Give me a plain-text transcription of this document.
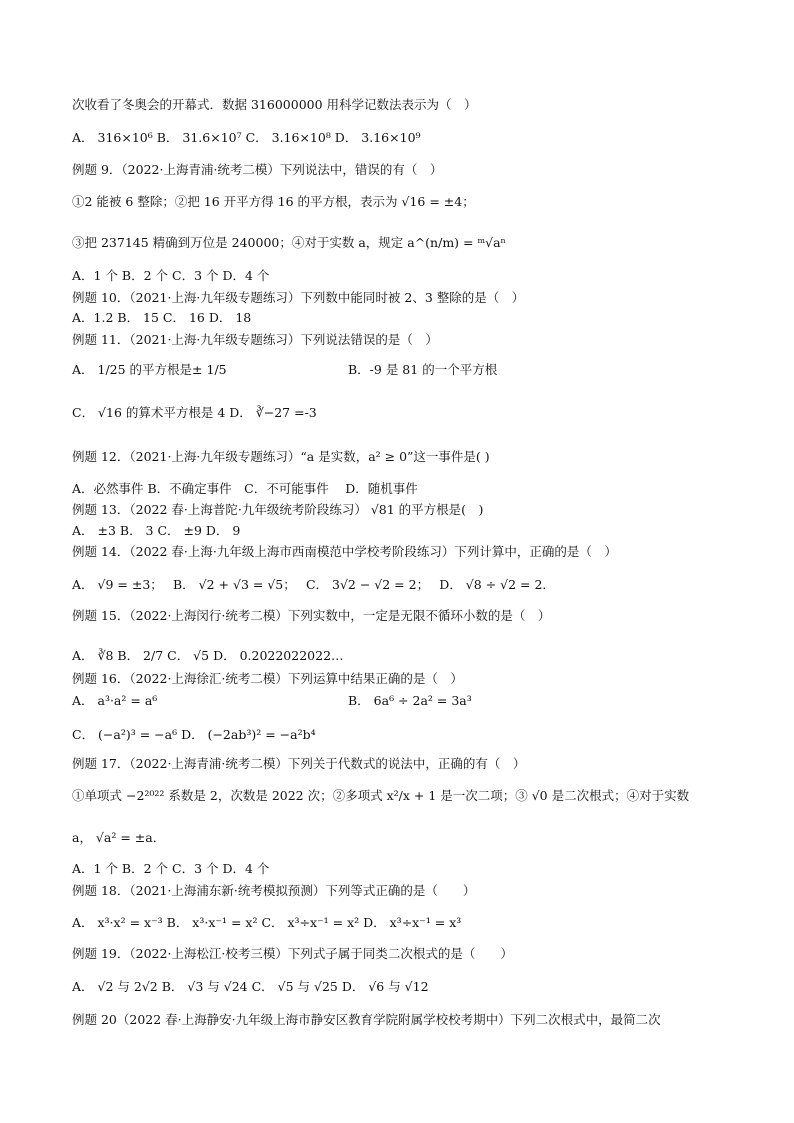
次收看了冬奥会的开幕式．数据 316000000 用科学记数法表示为（　）
A． 316×10⁶ B． 31.6×10⁷ C． 3.16×10⁸ D． 3.16×10⁹
例题 9．（2022·上海青浦·统考二模）下列说法中，错误的有（　）
①2 能被 6 整除；②把 16 开平方得 16 的平方根，表示为 √16 = ±4；
③把 237145 精确到万位是 240000；④对于实数 a，规定 a^(n/m) = ᵐ√aⁿ
A．1 个 B．2 个 C．3 个 D．4 个
例题 10．（2021·上海·九年级专题练习）下列数中能同时被 2、3 整除的是（　）
A．1.2 B． 15 C． 16 D． 18
例题 11．（2021·上海·九年级专题练习）下列说法错误的是（　）
A． 1/25 的平方根是± 1/5	B．-9 是 81 的一个平方根
C． √16 的算术平方根是 4 D． ∛−27 =-3
例题 12．（2021·上海·九年级专题练习）“a 是实数，a² ≥ 0”这一事件是( )
A．必然事件 B．不确定事件　C．不可能事件　 D．随机事件
例题 13．（2022 春·上海普陀·九年级统考阶段练习） √81 的平方根是(　)
A． ±3 B． 3 C． ±9 D． 9
例题 14．（2022 春·上海·九年级上海市西南模范中学校考阶段练习）下列计算中，正确的是（　）
A． √9 = ±3；　 B． √2 + √3 = √5；　 C． 3√2 − √2 = 2；　 D． √8 ÷ √2 = 2．
例题 15．（2022·上海闵行·统考二模）下列实数中，一定是无限不循环小数的是（　）
A． ∛8 B． 2/7 C． √5 D． 0.2022022022…
例题 16．（2022·上海徐汇·统考二模）下列运算中结果正确的是（　）
A． a³·a² = a⁶	B． 6a⁶ ÷ 2a² = 3a³
C． (−a²)³ = −a⁶ D． (−2ab³)² = −a²b⁴
例题 17．（2022·上海青浦·统考二模）下列关于代数式的说法中，正确的有（　）
①单项式 −2²⁰²² 系数是 2，次数是 2022 次；②多项式 x²/x + 1 是一次二项；③ √0 是二次根式；④对于实数
a， √a² = ±a．
A．1 个 B．2 个 C．3 个 D．4 个
例题 18．（2021·上海浦东新·统考模拟预测）下列等式正确的是（　　）
A． x³·x² = x⁻³ B． x³·x⁻¹ = x² C． x³÷x⁻¹ = x² D． x³÷x⁻¹ = x³
例题 19．（2022·上海松江·校考三模）下列式子属于同类二次根式的是（　　）
A． √2 与 2√2 B． √3 与 √24 C． √5 与 √25 D． √6 与 √12
例题 20（2022 春·上海静安·九年级上海市静安区教育学院附属学校校考期中）下列二次根式中，最简二次
